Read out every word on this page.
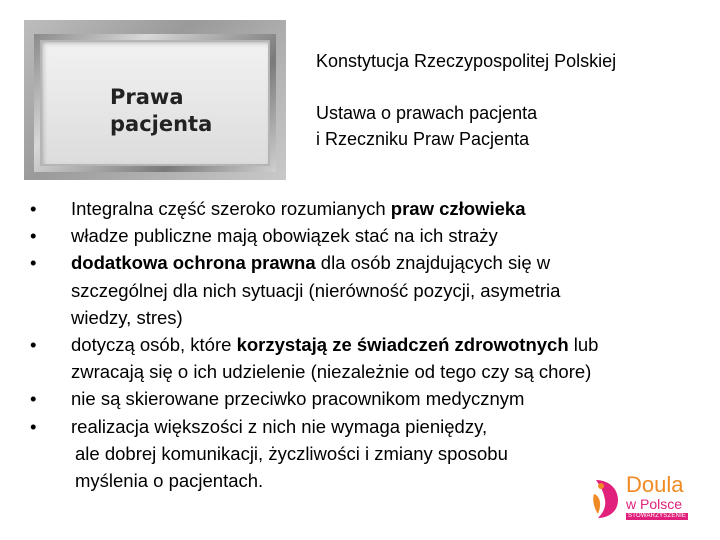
Prawa
pacjenta
Konstytucja Rzeczypospolitej Polskiej
Ustawa o prawach pacjenta
i Rzeczniku Praw Pacjenta
• Integralna część szeroko rozumianych praw człowieka
• władze publiczne mają obowiązek stać na ich straży
• dodatkowa ochrona prawna dla osób znajdujących się w
szczególnej dla nich sytuacji (nierówność pozycji, asymetria
wiedzy, stres)
• dotyczą osób, które korzystają ze świadczeń zdrowotnych lub
zwracają się o ich udzielenie (niezależnie od tego czy są chore)
• nie są skierowane przeciwko pracownikom medycznym
• realizacja większości z nich nie wymaga pieniędzy,
ale dobrej komunikacji, życzliwości i zmiany sposobu
myślenia o pacjentach.	Doula
w Polsce
STOWARZYSZENIE
